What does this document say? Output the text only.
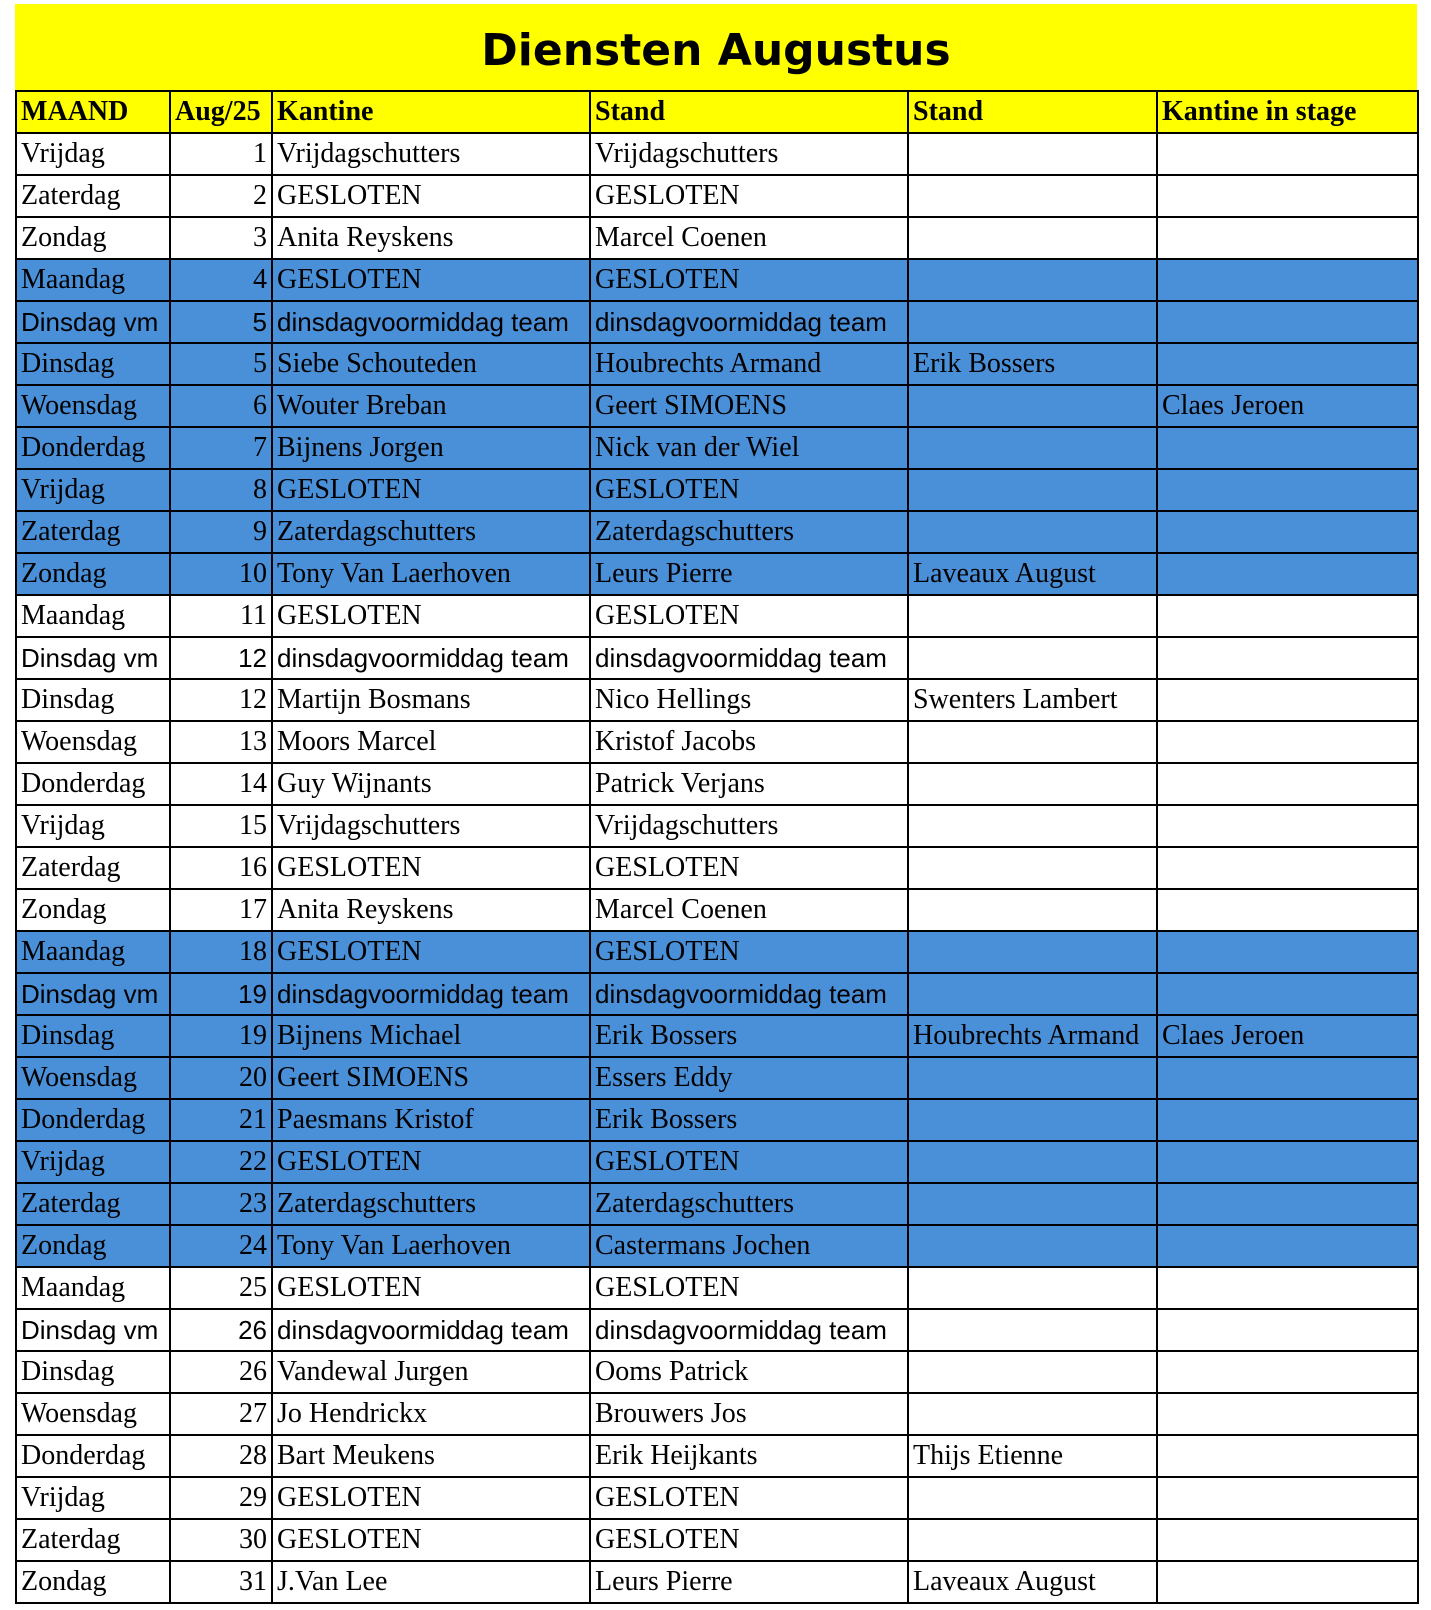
Diensten Augustus
MAAND	Aug/25	Kantine	Stand	Stand	Kantine in stage
Vrijdag	1	Vrijdagschutters	Vrijdagschutters		
Zaterdag	2	GESLOTEN	GESLOTEN		
Zondag	3	Anita Reyskens	Marcel Coenen		
Maandag	4	GESLOTEN	GESLOTEN		
Dinsdag vm	5	dinsdagvoormiddag team	dinsdagvoormiddag team		
Dinsdag	5	Siebe Schouteden	Houbrechts Armand	Erik Bossers	
Woensdag	6	Wouter Breban	Geert SIMOENS		Claes Jeroen
Donderdag	7	Bijnens Jorgen	Nick van der Wiel		
Vrijdag	8	GESLOTEN	GESLOTEN		
Zaterdag	9	Zaterdagschutters	Zaterdagschutters		
Zondag	10	Tony Van Laerhoven	Leurs Pierre	Laveaux August	
Maandag	11	GESLOTEN	GESLOTEN		
Dinsdag vm	12	dinsdagvoormiddag team	dinsdagvoormiddag team		
Dinsdag	12	Martijn Bosmans	Nico Hellings	Swenters Lambert	
Woensdag	13	Moors Marcel	Kristof Jacobs		
Donderdag	14	Guy Wijnants	Patrick Verjans		
Vrijdag	15	Vrijdagschutters	Vrijdagschutters		
Zaterdag	16	GESLOTEN	GESLOTEN		
Zondag	17	Anita Reyskens	Marcel Coenen		
Maandag	18	GESLOTEN	GESLOTEN		
Dinsdag vm	19	dinsdagvoormiddag team	dinsdagvoormiddag team		
Dinsdag	19	Bijnens Michael	Erik Bossers	Houbrechts Armand	Claes Jeroen
Woensdag	20	Geert SIMOENS	Essers Eddy		
Donderdag	21	Paesmans Kristof	Erik Bossers		
Vrijdag	22	GESLOTEN	GESLOTEN		
Zaterdag	23	Zaterdagschutters	Zaterdagschutters		
Zondag	24	Tony Van Laerhoven	Castermans Jochen		
Maandag	25	GESLOTEN	GESLOTEN		
Dinsdag vm	26	dinsdagvoormiddag team	dinsdagvoormiddag team		
Dinsdag	26	Vandewal Jurgen	Ooms Patrick		
Woensdag	27	Jo Hendrickx	Brouwers Jos		
Donderdag	28	Bart Meukens	Erik Heijkants	Thijs Etienne	
Vrijdag	29	GESLOTEN	GESLOTEN		
Zaterdag	30	GESLOTEN	GESLOTEN		
Zondag	31	J.Van Lee	Leurs Pierre	Laveaux August	
